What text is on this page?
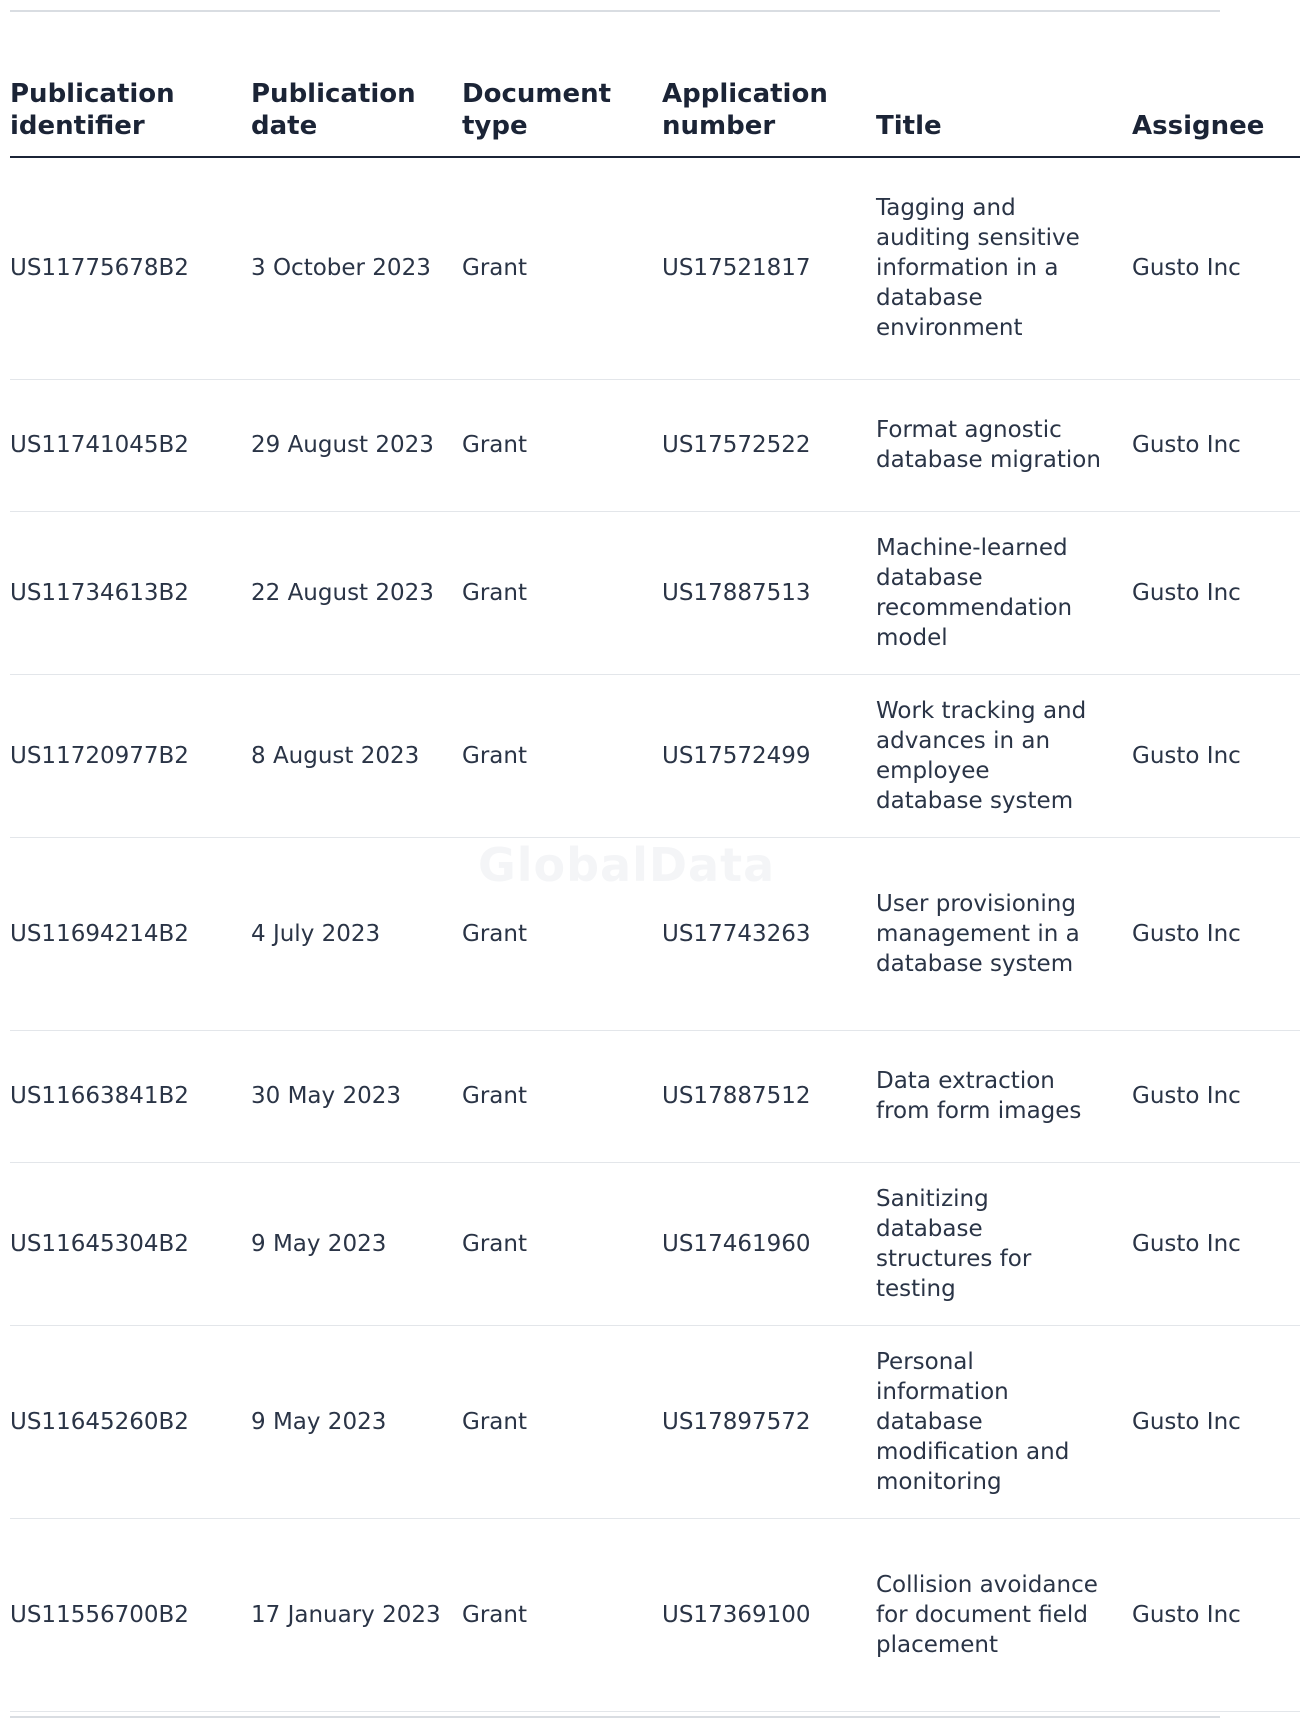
GlobalData
Publication identifier	Publication date	Document type	Application number	Title	Assignee
US11775678B2	3 October 2023	Grant	US17521817	Tagging and auditing sensitive information in a database environment	Gusto Inc
US11741045B2	29 August 2023	Grant	US17572522	Format agnostic database migration	Gusto Inc
US11734613B2	22 August 2023	Grant	US17887513	Machine-learned database recommendation model	Gusto Inc
US11720977B2	8 August 2023	Grant	US17572499	Work tracking and advances in an employee database system	Gusto Inc
US11694214B2	4 July 2023	Grant	US17743263	User provisioning management in a database system	Gusto Inc
US11663841B2	30 May 2023	Grant	US17887512	Data extraction from form images	Gusto Inc
US11645304B2	9 May 2023	Grant	US17461960	Sanitizing database structures for testing	Gusto Inc
US11645260B2	9 May 2023	Grant	US17897572	Personal information database modification and monitoring	Gusto Inc
US11556700B2	17 January 2023	Grant	US17369100	Collision avoidance for document field placement	Gusto Inc
